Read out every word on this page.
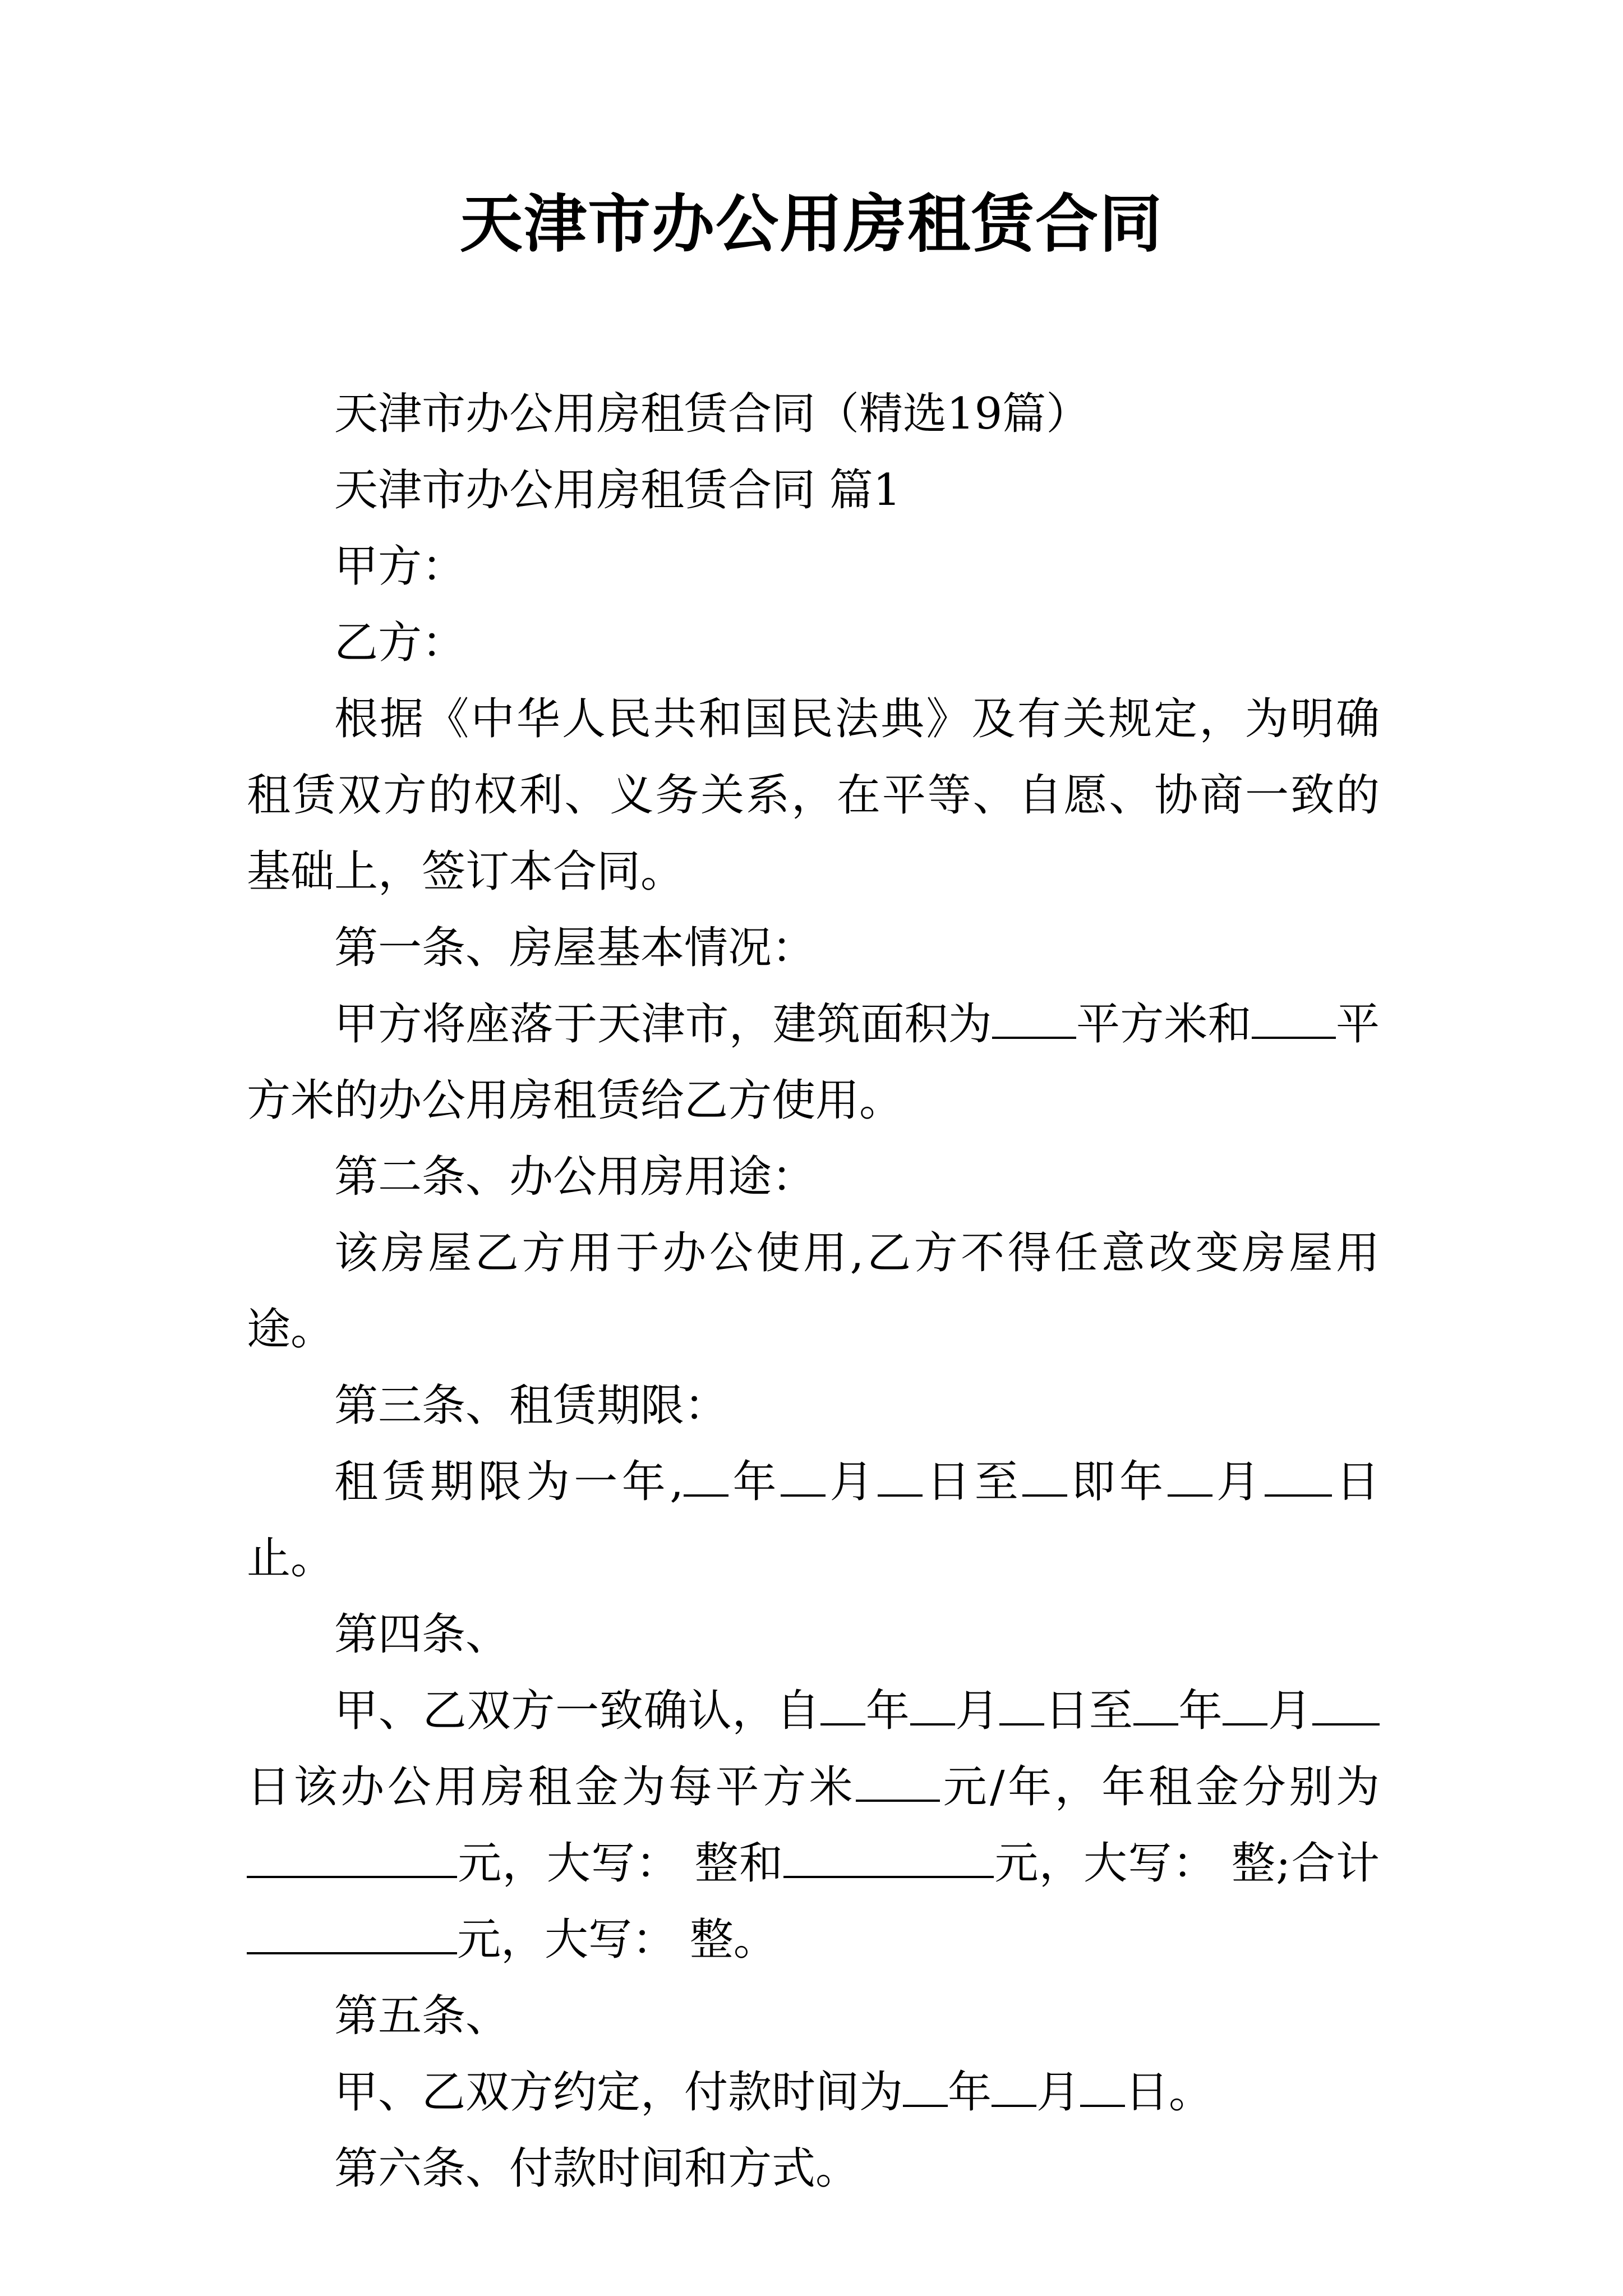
天津市办公用房租赁合同

天津市办公用房租赁合同（精选19篇）

天津市办公用房租赁合同 篇1

甲方：

乙方：

根据《中华人民共和国民法典》及有关规定，为明确租赁双方的权利、义务关系，在平等、自愿、协商一致的基础上，签订本合同。

第一条、房屋基本情况：

甲方将座落于天津市，建筑面积为 平方米和 平方米的办公用房租赁给乙方使用。

第二条、办公用房用途：

该房屋乙方用于办公使用,乙方不得任意改变房屋用途。

第三条、租赁期限：

租赁期限为一年, 年 月 日至 即年 月 日止。

第四条、

甲、乙双方一致确认，自 年 月 日至 年 月日该办公用房租金为每平方米 元/年，年租金分别为元，大写： 整和	元，大写： 整;合计元，大写： 整。

第五条、

甲、乙双方约定，付款时间为 年 月 日。

第六条、付款时间和方式。
